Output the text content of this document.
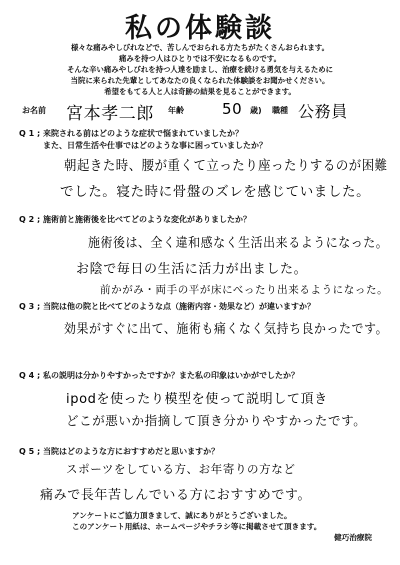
私の体験談
様々な痛みやしびれなどで、苦しんでおられる方たちがたくさんおられます。
痛みを持つ人はひとりでは不安になるものです。
そんな辛い痛みやしびれを持つ人達を励まし、治療を続ける勇気を与えるために
当院に来られた先輩としてあなたの良くなられた体験談をお聞かせください。
希望をもてる人と人は奇跡の結果を見ることができます。
お名前 宮本孝二郎 年齢	50 歳) 職種 公務員
Q 1 ; 来院される前はどのような症状で悩まれていましたか？
また、日常生活や仕事ではどのような事に困っていましたか？
朝起きた時、腰が重くて立ったり座ったりするのが困難
でした。寝た時に骨盤のズレを感じていました。
Q 2 ; 施術前と施術後を比べてどのような変化がありましたか？
施術後は、全く違和感なく生活出来るようになった。
お陰で毎日の生活に活力が出ました。
前かがみ・両手の平が床にべったり出来るようになった。
Q 3 ; 当院は他の院と比べてどのような点（施術内容・効果など）が違いますか？
効果がすぐに出て、施術も痛くなく気持ち良かったです。
Q 4 ; 私の説明は分かりやすかったですか？また私の印象はいかがでしたか？
ipodを使ったり模型を使って説明して頂き
どこが悪いか指摘して頂き分かりやすかったです。
Q 5 ; 当院はどのような方におすすめだと思いますか？
スポーツをしている方、お年寄りの方など
痛みで長年苦しんでいる方におすすめです。
アンケートにご協力頂きまして、誠にありがとうございました。
このアンケート用紙は、ホームページやチラシ等に掲載させて頂きます。
健巧治療院
